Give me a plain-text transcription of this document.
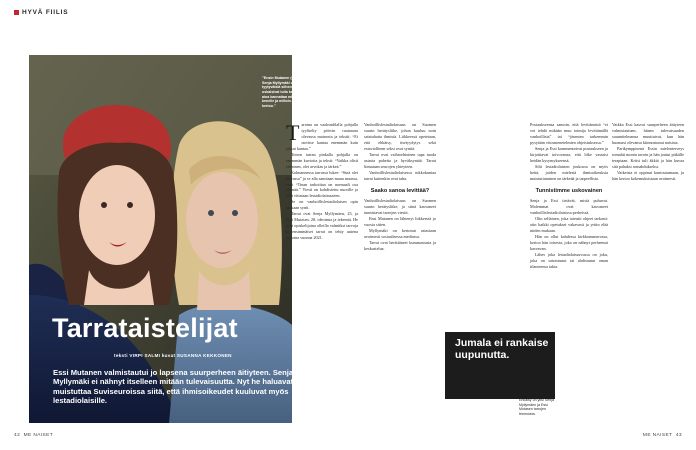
HYVÄ FIILIS
”Ensin Mutanen (vas.) ja Senja Myllymäki ovat tyytyväisiä siihen, että he uskalsivat tulla kaapista. Silti aina kannattaa miettiä, kenelle ja milloin asiastaan kertoo.”
Tarrataistelijat
teksti VIRPI SALMI kuvat SUSANNA KEKKONEN
Essi Mutanen valmistautui jo lapsena suurperheen äitiyteen. Senja Myllymäki ei nähnyt itselleen mitään tulevaisuutta. Nyt he haluavat muistuttaa Suviseuroissa siitä, että ihmisoikeudet kuuluvat myös lestadiolaisille.
T arrana on vaaleanlilalla pohjalla tyylitelty pöövin rautaaura olevassa mainosta ja tekstit: “Et tarvitse kantaa enemmän kuin jaksat kantaa.”

Toisen tarran pinkalla pohjalla on enemmän kuvioita ja teksti: “Vaikka olisit erilainen, olet arvokas ja tärkeä.”

Kolmannessa tarrassa lukee: “Sinä olet turvassa” ja se alla sanotaan maan maassa, ettei “Tinan tarkoittaa on normaali osa elämää.” Viesti on kohdistettu nuorille ja sillä viitataan lestadiolaisuuteen.

Se on vanhoillislestadiolaisen opin mukaan synti.

Tarrat ovat Senja Myllymäen, 25, ja Essi Mutasen, 28, ideoimia ja tekemiä. He ovat opiskelijoina olleilla valmiiksi tarvoja ja ensimmäiset tarrat on tehty uutena tarroina vuonna 2021.

Vanhoillislestadiolaisuus on Suomen suurin herätysliike, johon kuuluu noin satatuhatta ihmistä. Liikkeessä opetetaan, että ehkäisy, itsetyydytys sekä esiaviollinen seksi ovat syntiä.

Tarrat ovat vaihtoehtoinen tapa tuoda asiasta puhetta ja hyväksyntää. Tarrat liimataan seurojen yhteyteen.

Vanhoillislestadiolaisessa nikkokuntaa tarrat kuitenkin ovat tabu.

Saako sanoa levittää?

Vanhoillislestadiolaisuus on Suomen suurin herätysliike, ja siinä kasvaneet tunnistavat tarrojen viestit.

Ensi Mutanen on lähtenyt liikkeestä jo vuosia sitten.

Myllymäki on kertonut asiastaan avoimesti sosiaalisessa mediassa.

Tarrat ovat herättäneet kummastusta ja keskustelua.

Postaukseensa samoin, että levittämistä “ei voi tehdä mikään muu toimija levittämällä vanhoillisia” tai “jäsenten tarkemmin pysytään vitosmenetelmien ohjeistuksessa.”

Senja ja Essi kommentoivat postaukseen ja kirjoittavat toivovansa, että liike vastaisi heidän kysymykseensä.

Silti lestadiolaisten joukossa on myös heitä, joiden mielestä ihmisoikeuksia muistuttaminen on tärkeää ja tarpeellista.

Tunnistimme uskovainen

Senja ja Essi tietävät, mistä puhuvat. Molemmat ovat kasvaneet vanhoillislestadiolaisissa perheissä.

Olin sellainen, joka toteutti ohjeet tarkasti: otin kaikki opetukset vakavasti ja yritin elää niiden mukaan.

Hän on ollut kahdessa kirkkonumerossa, kertoo hän toisesta, joka on nähnyt perheensä kasvavan.

Lähes joka lestadiolaissuvussa on joku, joka on sairastunut tai ahdistunut oman tilanteensa takia.

Vaikka Essi kasvoi suurperheen äitiyteen valmistautuen, hänen tulevaisuuden suunnitelmansa muuttuivat, kun hän huomasi olevansa kiinnostunut naisista.

Parikymppisenä Essin mielenterveys romahti monin tavoin ja hän joutui pitkälle terapiaan. Kriisi tuli äkkiä ja hän kuvaa sitä pahaksi romahdukseksi.

Vaikeista ei oppinut kuntoutumaan, ja hän kertoo kokemuksistaan avoimesti.

Jumala ei rankaise uupunutta.
Ehkäisy on yksi Senja Myllymäen ja Essi Mutasen tarrojen teemoista.
42 ME NAISET	ME NAISET 43
